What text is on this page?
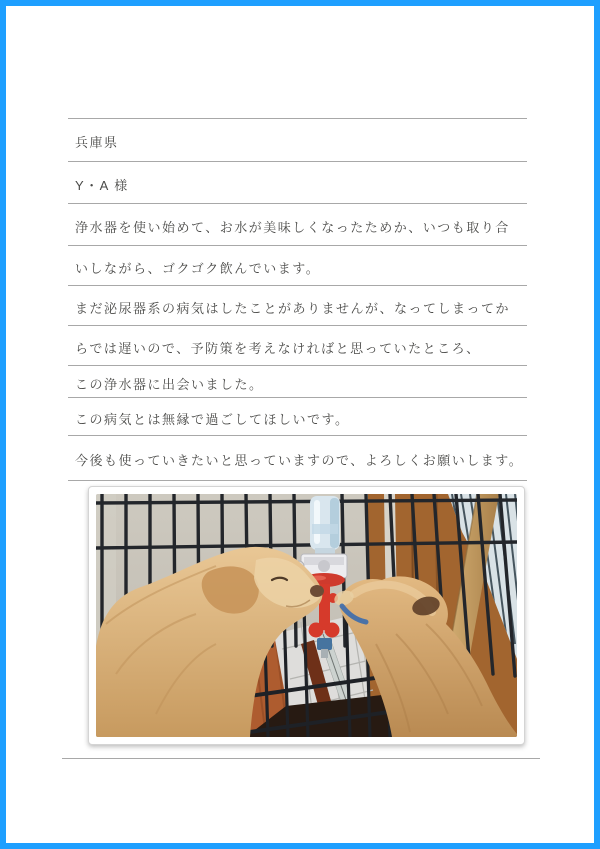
兵庫県
Y・A 様
浄水器を使い始めて、お水が美味しくなったためか、いつも取り合
いしながら、ゴクゴク飲んでいます。
まだ泌尿器系の病気はしたことがありませんが、なってしまってか
らでは遅いので、予防策を考えなければと思っていたところ、
この浄水器に出会いました。
この病気とは無縁で過ごしてほしいです。
今後も使っていきたいと思っていますので、よろしくお願いします。
